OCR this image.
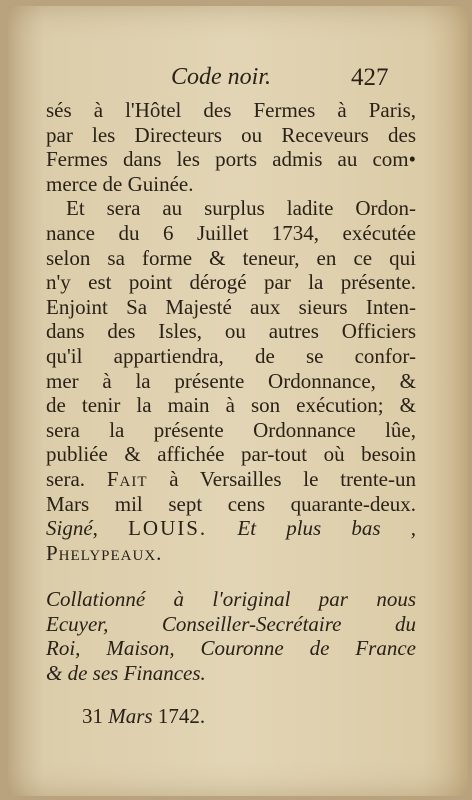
Code noir.	427
sés à l'Hôtel des Fermes à Paris,
par les Directeurs ou Receveurs des
Fermes dans les ports admis au com•
merce de Guinée.
Et sera au surplus ladite Ordon-
nance du 6 Juillet 1734, exécutée
selon sa forme & teneur, en ce qui
n'y est point dérogé par la présente.
Enjoint Sa Majesté aux sieurs Inten-
dans des Isles, ou autres Officiers
qu'il appartiendra, de se confor-
mer à la présente Ordonnance, &
de tenir la main à son exécution; &
sera la présente Ordonnance lûe,
publiée & affichée par-tout où besoin
sera. Fait à Versailles le trente-un
Mars mil sept cens quarante-deux.
Signé, LOUIS. Et plus bas ,
Phelypeaux.
Collationné à l'original par nous
Ecuyer, Conseiller-Secrétaire du
Roi, Maison, Couronne de France
& de ses Finances.
31 Mars 1742.
